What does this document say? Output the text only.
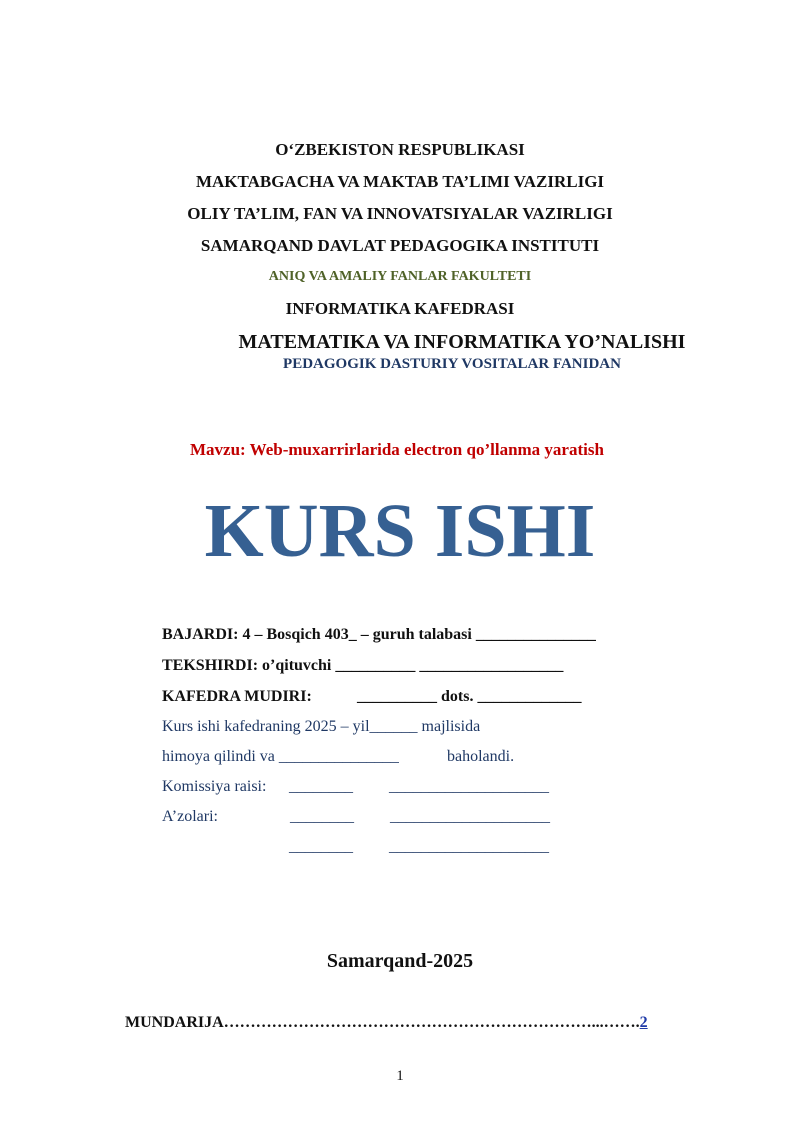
O‘ZBEKISTON RESPUBLIKASI
MAKTABGACHA VA MAKTAB TA’LIMI VAZIRLIGI
OLIY TA’LIM, FAN VA INNOVATSIYALAR VAZIRLIGI
SAMARQAND DAVLAT PEDAGOGIKA INSTITUTI
ANIQ VA AMALIY FANLAR FAKULTETI
INFORMATIKA KAFEDRASI
MATEMATIKA VA INFORMATIKA YO’NALISHI
PEDAGOGIK DASTURIY VOSITALAR FANIDAN
Mavzu: Web-muxarrirlarida electron qo’llanma yaratish
KURS ISHI
BAJARDI: 4 – Bosqich 403_ – guruh talabasi _______________
TEKSHIRDI: o’qituvchi __________ __________________
KAFEDRA MUDIRI:	__________ dots. _____________
Kurs ishi kafedraning 2025 – yil______ majlisida
himoya qilindi va _______________	baholandi.
Komissiya raisi: ________ ____________________
A’zolari:	________ ____________________
________ ____________________
Samarqand-2025
MUNDARIJA……………………………………………………………...…….2
1
